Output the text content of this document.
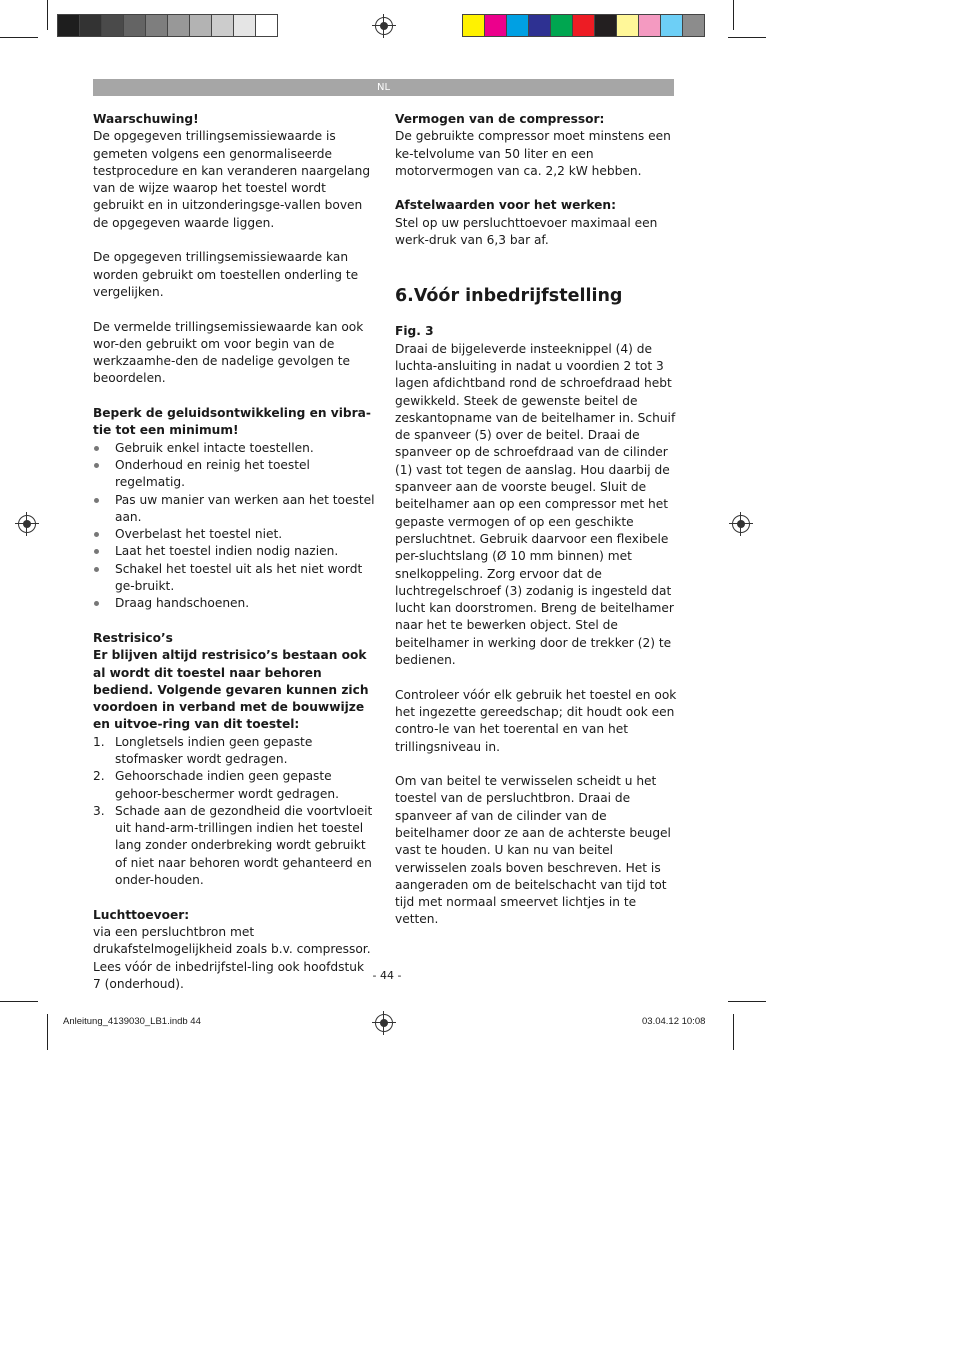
NL

Waarschuwing!

De opgegeven trillingsemissiewaarde is gemeten volgens een genormaliseerde testprocedure en kan veranderen naargelang van de wijze waarop het toestel wordt gebruikt en in uitzonderingsge-vallen boven de opgegeven waarde liggen.

De opgegeven trillingsemissiewaarde kan worden gebruikt om toestellen onderling te vergelijken.

De vermelde trillingsemissiewaarde kan ook wor-den gebruikt om voor begin van de werkzaamhe-den de nadelige gevolgen te beoordelen.

Beperk de geluidsontwikkeling en vibra-tie tot een minimum!

Gebruik enkel intacte toestellen.
Onderhoud en reinig het toestel regelmatig.
Pas uw manier van werken aan het toestel aan.
Overbelast het toestel niet.
Laat het toestel indien nodig nazien.
Schakel het toestel uit als het niet wordt ge-bruikt.
Draag handschoenen.

Restrisico’s

Er blijven altijd restrisico’s bestaan ook al wordt dit toestel naar behoren bediend. Volgende gevaren kunnen zich voordoen in verband met de bouwwijze en uitvoe-ring van dit toestel:

1. Longletsels indien geen gepaste stofmasker wordt gedragen.
2. Gehoorschade indien geen gepaste gehoor-beschermer wordt gedragen.
3. Schade aan de gezondheid die voortvloeit uit hand-arm-trillingen indien het toestel lang zonder onderbreking wordt gebruikt of niet naar behoren wordt gehanteerd en onder-houden.

Luchttoevoer:

via een persluchtbron met drukafstelmogelijkheid zoals b.v. compressor. Lees vóór de inbedrijfstel-ling ook hoofdstuk 7 (onderhoud).

Vermogen van de compressor:

De gebruikte compressor moet minstens een ke-telvolume van 50 liter en een motorvermogen van ca. 2,2 kW hebben.

Afstelwaarden voor het werken:

Stel op uw persluchttoevoer maximaal een werk-druk van 6,3 bar af.

6.Vóór inbedrijfstelling

Fig. 3

Draai de bijgeleverde insteeknippel (4) de luchta-ansluiting in nadat u voordien 2 tot 3 lagen afdichtband rond de schroefdraad hebt gewikkeld. Steek de gewenste beitel de zeskantopname van de beitelhamer in. Schuif de spanveer (5) over de beitel. Draai de spanveer op de schroefdraad van de cilinder (1) vast tot tegen de aanslag. Hou daarbij de spanveer aan de voorste beugel. Sluit de beitelhamer aan op een compressor met het gepaste vermogen of op een geschikte persluchtnet. Gebruik daarvoor een flexibele per-sluchtslang (Ø 10 mm binnen) met snelkoppeling. Zorg ervoor dat de luchtregelschroef (3) zodanig is ingesteld dat lucht kan doorstromen. Breng de beitelhamer naar het te bewerken object. Stel de beitelhamer in werking door de trekker (2) te bedienen.

Controleer vóór elk gebruik het toestel en ook het ingezette gereedschap; dit houdt ook een contro-le van het toerental en van het trillingsniveau in.

Om van beitel te verwisselen scheidt u het toestel van de persluchtbron. Draai de spanveer af van de cilinder van de beitelhamer door ze aan de achterste beugel vast te houden. U kan nu van beitel verwisselen zoals boven beschreven. Het is aangeraden om de beitelschacht van tijd tot tijd met normaal smeervet lichtjes in te vetten.

- 44 -
Anleitung_4139030_LB1.indb 44	03.04.12 10:08
